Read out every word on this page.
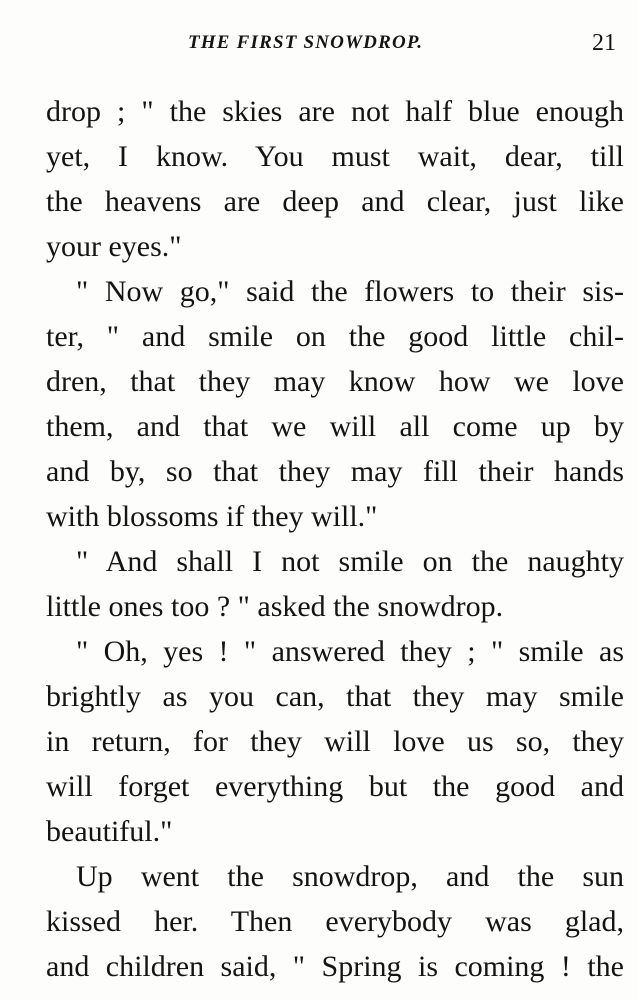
THE FIRST SNOWDROP.	21
drop ; " the skies are not half blue enough
yet, I know. You must wait, dear, till
the heavens are deep and clear, just like
your eyes."
" Now go," said the flowers to their sis-
ter, " and smile on the good little chil-
dren, that they may know how we love
them, and that we will all come up by
and by, so that they may fill their hands
with blossoms if they will."
" And shall I not smile on the naughty
little ones too ? " asked the snowdrop.
" Oh, yes ! " answered they ; " smile as
brightly as you can, that they may smile
in return, for they will love us so, they
will forget everything but the good and
beautiful."
Up went the snowdrop, and the sun
kissed her. Then everybody was glad,
and children said, " Spring is coming ! the
